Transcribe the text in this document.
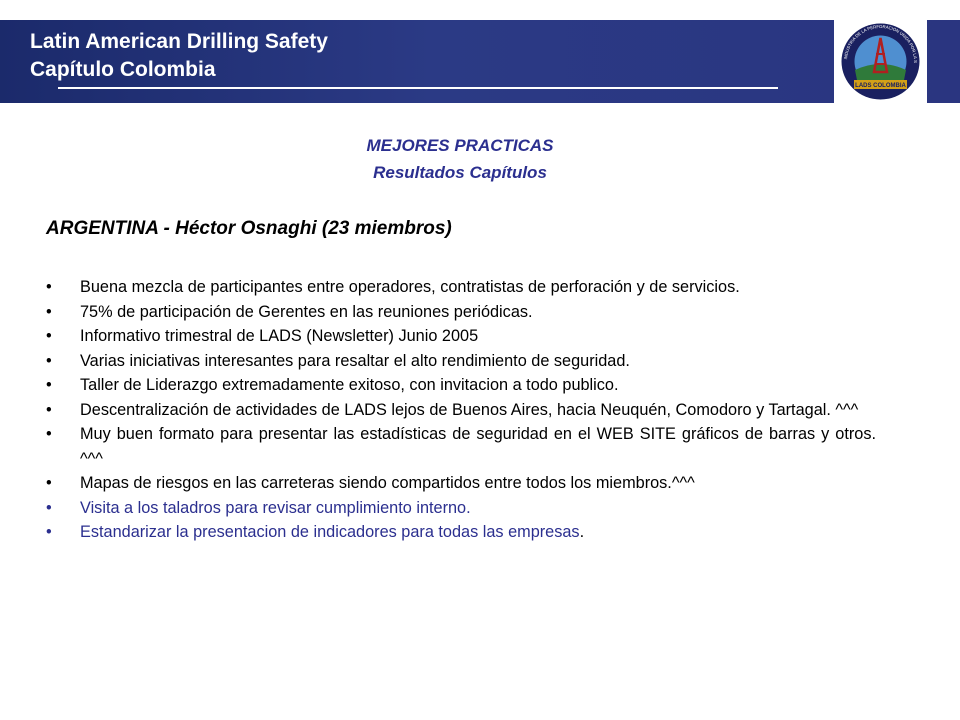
Latin American Drilling Safety
Capítulo Colombia
LADS COLOMBIA
INDUSTRIA DE LA PERFORACION UNIDA POR LA S
MEJORES PRACTICAS
Resultados Capítulos
ARGENTINA - Héctor Osnaghi (23 miembros)
• Buena mezcla de participantes entre operadores, contratistas de perforación y de servicios.
• 75% de participación de Gerentes en las reuniones periódicas.
• Informativo trimestral de LADS (Newsletter) Junio 2005
• Varias iniciativas interesantes para resaltar el alto rendimiento de seguridad.
• Taller de Liderazgo extremadamente exitoso, con invitacion a todo publico.
• Descentralización de actividades de LADS lejos de Buenos Aires, hacia Neuquén, Comodoro y Tartagal. ^^^
• Muy buen formato para presentar las estadísticas de seguridad en el WEB SITE gráficos de barras y otros. ^^^
• Mapas de riesgos en las carreteras siendo compartidos entre todos los miembros.^^^
• Visita a los taladros para revisar cumplimiento interno.
• Estandarizar la presentacion de indicadores para todas las empresas.
